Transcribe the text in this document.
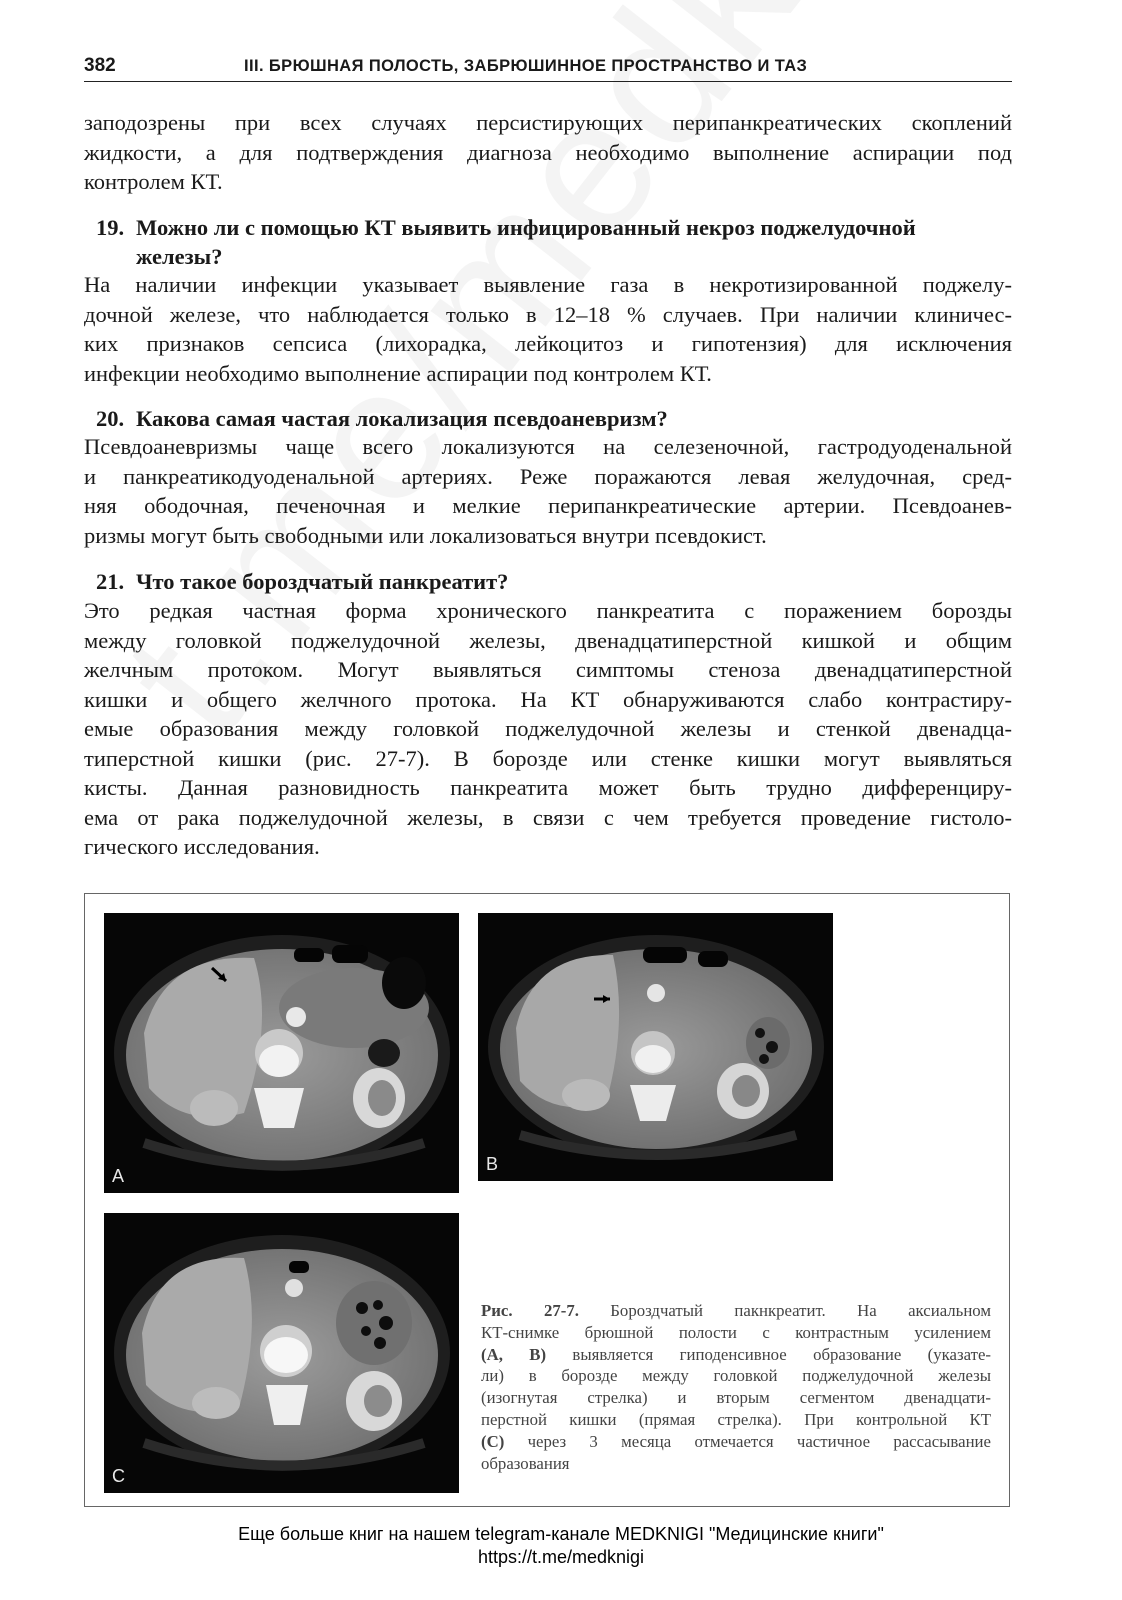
382	III. БРЮШНАЯ ПОЛОСТЬ, ЗАБРЮШИННОЕ ПРОСТРАНСТВО И ТАЗ
заподозрены при всех случаях персистирующих перипанкреатических скоплений
жидкости, а для подтверждения диагноза необходимо выполнение аспирации под
контролем КТ.
19. Можно ли с помощью КТ выявить инфицированный некроз поджелудочной
железы?
На наличии инфекции указывает выявление газа в некротизированной поджелу-
дочной железе, что наблюдается только в 12–18 % случаев. При наличии клиничес-
ких признаков сепсиса (лихорадка, лейкоцитоз и гипотензия) для исключения
инфекции необходимо выполнение аспирации под контролем КТ.
20. Какова самая частая локализация псевдоаневризм?
Псевдоаневризмы чаще всего локализуются на селезеночной, гастродуоденальной
и панкреатикодуоденальной артериях. Реже поражаются левая желудочная, сред-
няя ободочная, печеночная и мелкие перипанкреатические артерии. Псевдоанев-
ризмы могут быть свободными или локализоваться внутри псевдокист.
21. Что такое бороздчатый панкреатит?
Это редкая частная форма хронического панкреатита с поражением борозды
между головкой поджелудочной железы, двенадцатиперстной кишкой и общим
желчным протоком. Могут выявляться симптомы стеноза двенадцатиперстной
кишки и общего желчного протока. На КТ обнаруживаются слабо контрастиру-
емые образования между головкой поджелудочной железы и стенкой двенадца-
типерстной кишки (рис. 27-7). В борозде или стенке кишки могут выявляться
кисты. Данная разновидность панкреатита может быть трудно дифференциру-
ема от рака поджелудочной железы, в связи с чем требуется проведение гистоло-
гического исследования.
A
B
C
Рис. 27-7. Бороздчатый пакнкреатит. На аксиальном
КТ-снимке брюшной полости с контрастным усилением
(А, В) выявляется гиподенсивное образование (указате-
ли) в борозде между головкой поджелудочной железы
(изогнутая стрелка) и вторым сегментом двенадцати-
перстной кишки (прямая стрелка). При контрольной КТ
(С) через 3 месяца отмечается частичное рассасывание
образования
Еще больше книг на нашем telegram-канале MEDKNIGI "Медицинские книги"
https://t.me/medknigi
